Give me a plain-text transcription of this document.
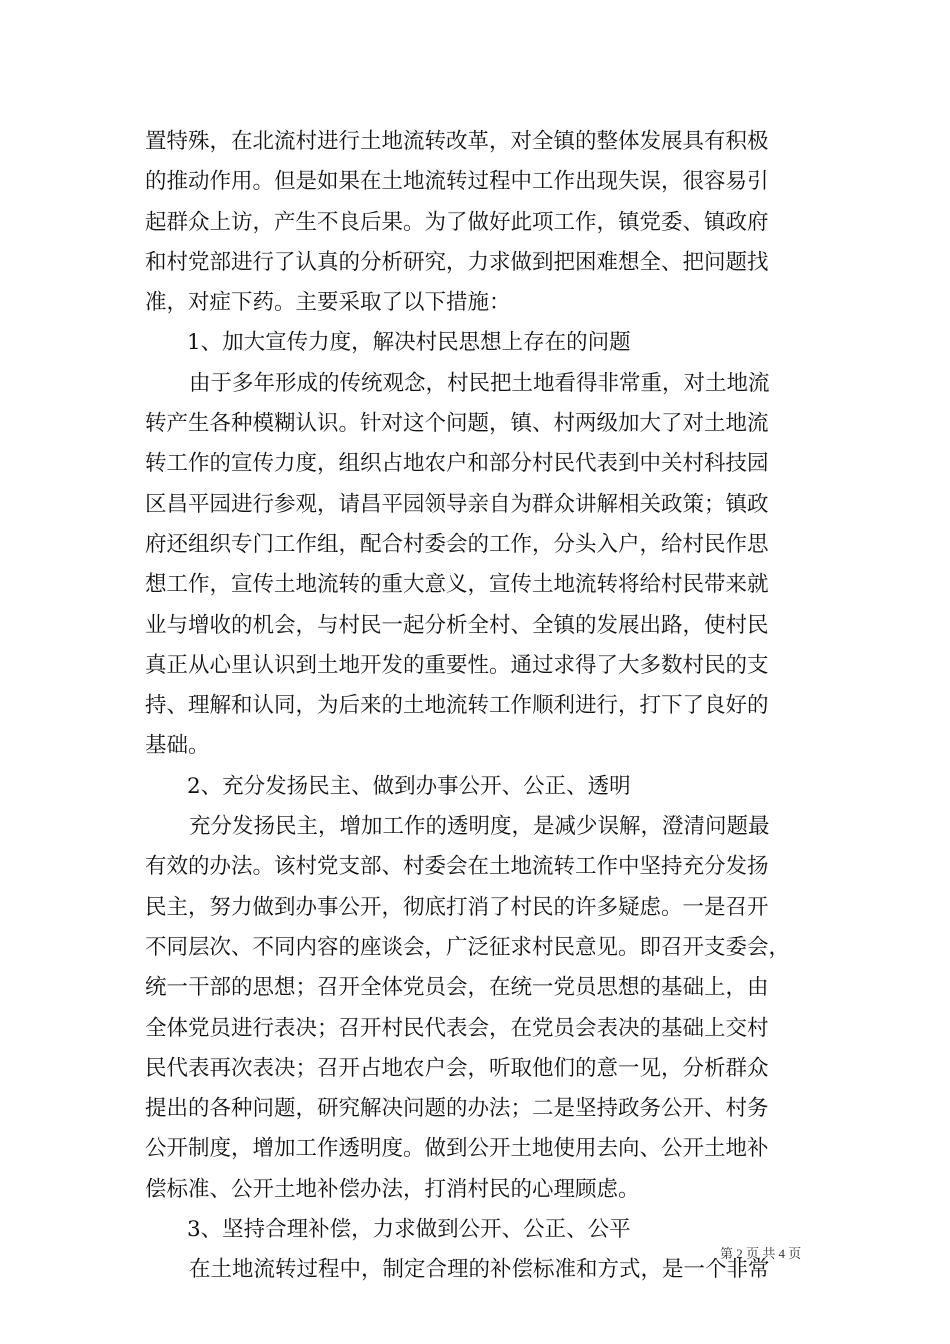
置特殊，在北流村进行土地流转改革，对全镇的整体发展具有积极
的推动作用。但是如果在土地流转过程中工作出现失误，很容易引
起群众上访，产生不良后果。为了做好此项工作，镇党委、镇政府
和村党部进行了认真的分析研究，力求做到把困难想全、把问题找
准，对症下药。主要采取了以下措施：
1、加大宣传力度，解决村民思想上存在的问题
由于多年形成的传统观念，村民把土地看得非常重，对土地流
转产生各种模糊认识。针对这个问题，镇、村两级加大了对土地流
转工作的宣传力度，组织占地农户和部分村民代表到中关村科技园
区昌平园进行参观，请昌平园领导亲自为群众讲解相关政策；镇政
府还组织专门工作组，配合村委会的工作，分头入户，给村民作思
想工作，宣传土地流转的重大意义，宣传土地流转将给村民带来就
业与增收的机会，与村民一起分析全村、全镇的发展出路，使村民
真正从心里认识到土地开发的重要性。通过求得了大多数村民的支
持、理解和认同，为后来的土地流转工作顺利进行，打下了良好的
基础。
2、充分发扬民主、做到办事公开、公正、透明
充分发扬民主，增加工作的透明度，是减少误解，澄清问题最
有效的办法。该村党支部、村委会在土地流转工作中坚持充分发扬
民主，努力做到办事公开，彻底打消了村民的许多疑虑。一是召开
不同层次、不同内容的座谈会，广泛征求村民意见。即召开支委会，
统一干部的思想；召开全体党员会，在统一党员思想的基础上，由
全体党员进行表决；召开村民代表会，在党员会表决的基础上交村
民代表再次表决；召开占地农户会，听取他们的意一见，分析群众
提出的各种问题，研究解决问题的办法；二是坚持政务公开、村务
公开制度，增加工作透明度。做到公开土地使用去向、公开土地补
偿标准、公开土地补偿办法，打消村民的心理顾虑。
3、坚持合理补偿，力求做到公开、公正、公平
在土地流转过程中，制定合理的补偿标准和方式，是一个非常
第 2 页 共 4 页
